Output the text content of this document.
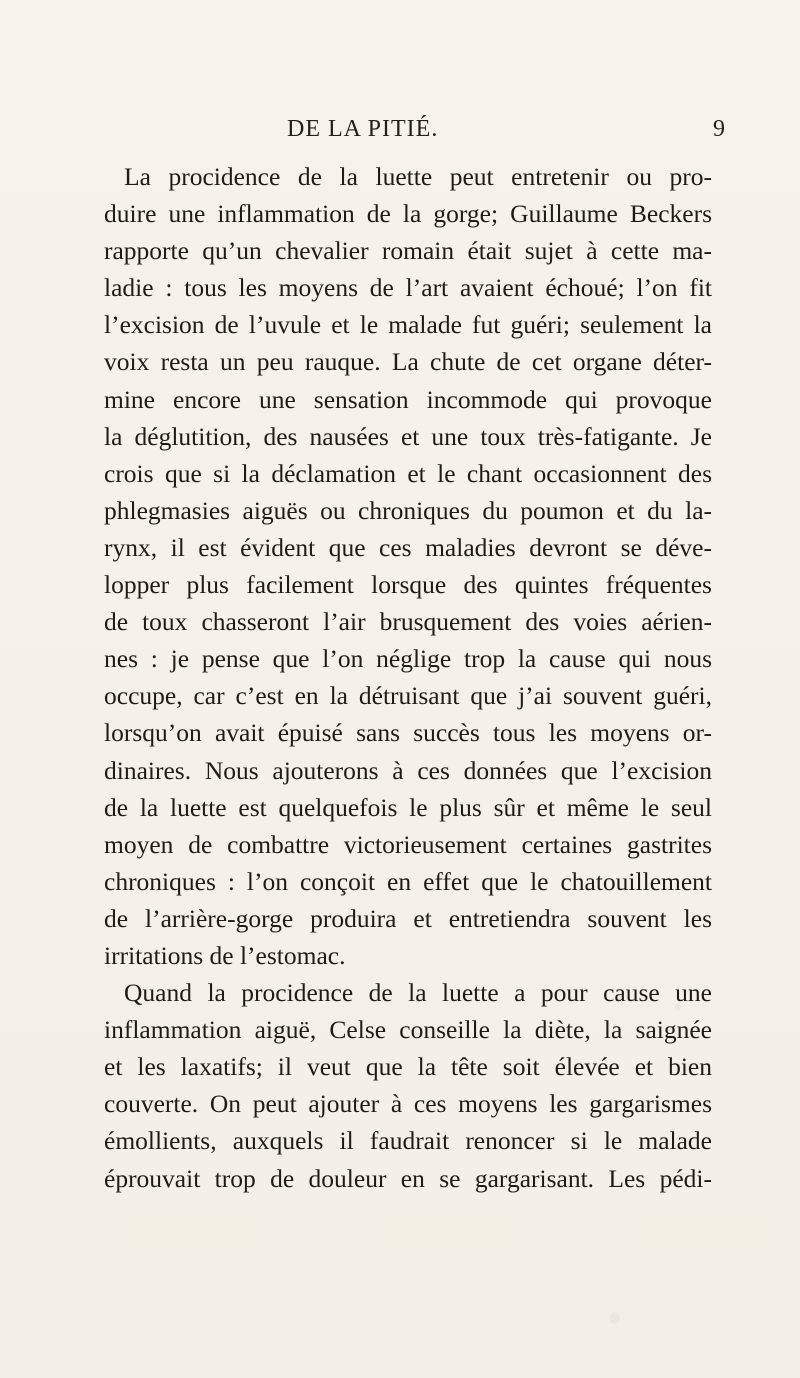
DE LA PITIÉ.	9
La procidence de la luette peut entretenir ou pro-
duire une inflammation de la gorge; Guillaume Beckers
rapporte qu’un chevalier romain était sujet à cette ma-
ladie : tous les moyens de l’art avaient échoué; l’on fit
l’excision de l’uvule et le malade fut guéri; seulement la
voix resta un peu rauque. La chute de cet organe déter-
mine encore une sensation incommode qui provoque
la déglutition, des nausées et une toux très-fatigante. Je
crois que si la déclamation et le chant occasionnent des
phlegmasies aiguës ou chroniques du poumon et du la-
rynx, il est évident que ces maladies devront se déve-
lopper plus facilement lorsque des quintes fréquentes
de toux chasseront l’air brusquement des voies aérien-
nes : je pense que l’on néglige trop la cause qui nous
occupe, car c’est en la détruisant que j’ai souvent guéri,
lorsqu’on avait épuisé sans succès tous les moyens or-
dinaires. Nous ajouterons à ces données que l’excision
de la luette est quelquefois le plus sûr et même le seul
moyen de combattre victorieusement certaines gastrites
chroniques : l’on conçoit en effet que le chatouillement
de l’arrière-gorge produira et entretiendra souvent les
irritations de l’estomac.
Quand la procidence de la luette a pour cause une
inflammation aiguë, Celse conseille la diète, la saignée
et les laxatifs; il veut que la tête soit élevée et bien
couverte. On peut ajouter à ces moyens les gargarismes
émollients, auxquels il faudrait renoncer si le malade
éprouvait trop de douleur en se gargarisant. Les pédi-
